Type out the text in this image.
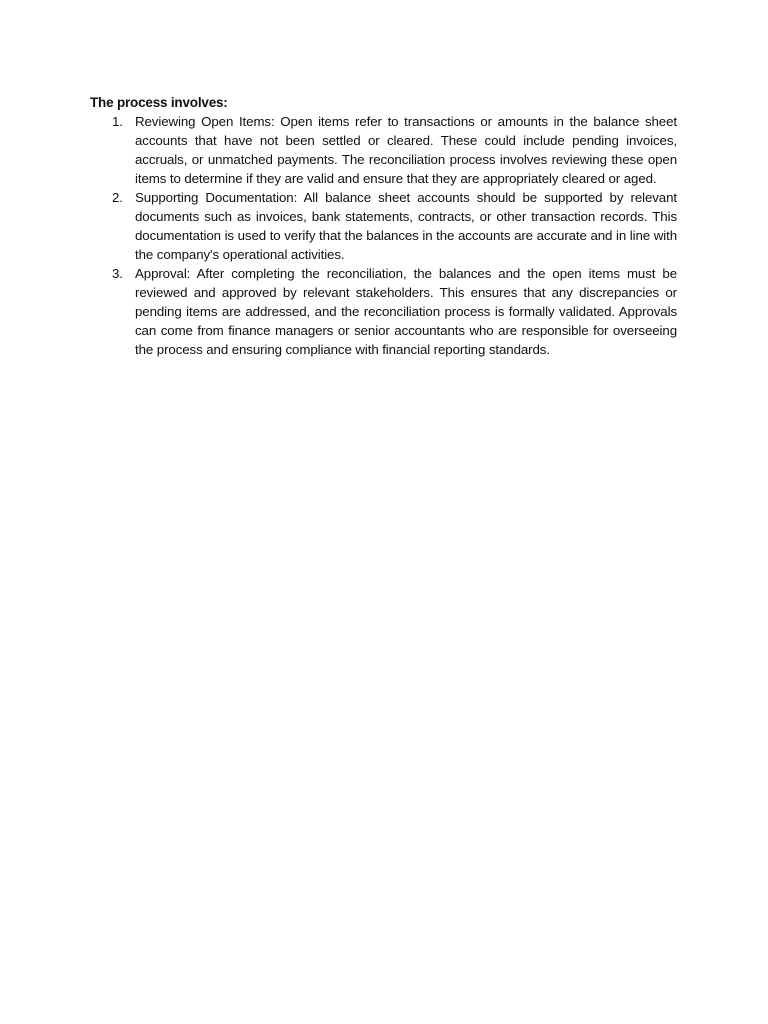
The process involves:

1. Reviewing Open Items: Open items refer to transactions or amounts in the balance sheet accounts that have not been settled or cleared. These could include pending invoices, accruals, or unmatched payments. The reconciliation process involves reviewing these open items to determine if they are valid and ensure that they are appropriately cleared or aged.
2. Supporting Documentation: All balance sheet accounts should be supported by relevant documents such as invoices, bank statements, contracts, or other transaction records. This documentation is used to verify that the balances in the accounts are accurate and in line with the company's operational activities.
3. Approval: After completing the reconciliation, the balances and the open items must be reviewed and approved by relevant stakeholders. This ensures that any discrepancies or pending items are addressed, and the reconciliation process is formally validated. Approvals can come from finance managers or senior accountants who are responsible for overseeing the process and ensuring compliance with financial reporting standards.
